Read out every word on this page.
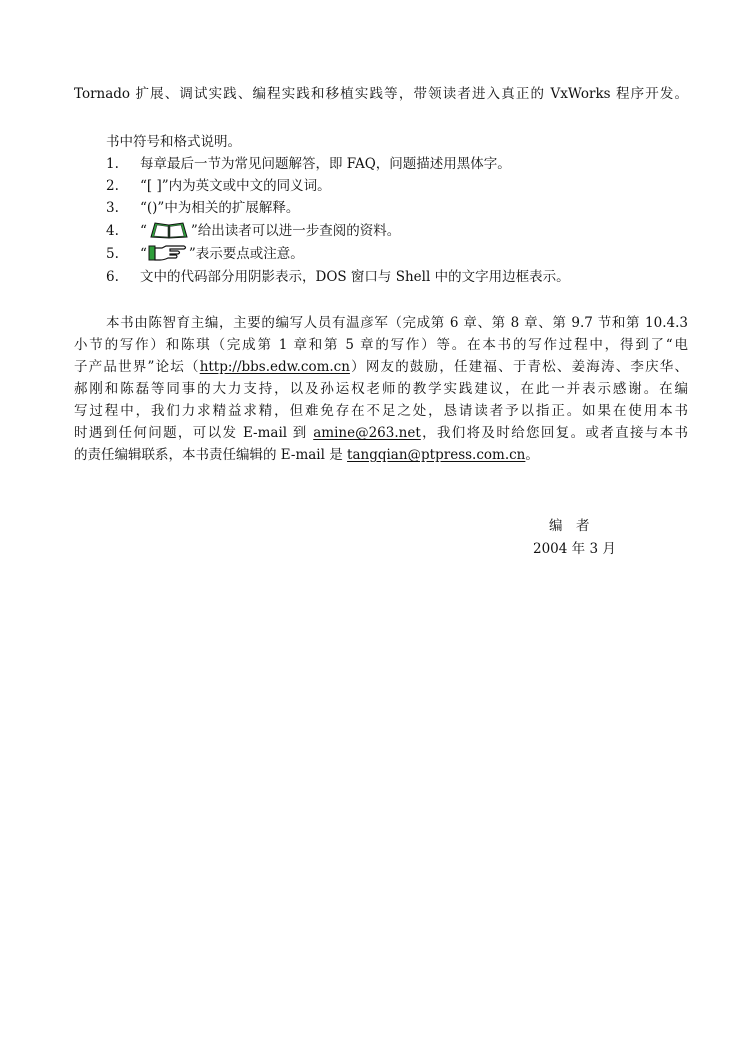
Tornado 扩展、调试实践、编程实践和移植实践等，带领读者进入真正的 VxWorks 程序开发。
书中符号和格式说明。
1. 每章最后一节为常见问题解答，即 FAQ，问题描述用黑体字。
2. “[ ]”内为英文或中文的同义词。
3. “()”中为相关的扩展解释。
4. “	”给出读者可以进一步查阅的资料。
5. “	”表示要点或注意。
6. 文中的代码部分用阴影表示，DOS 窗口与 Shell 中的文字用边框表示。
本书由陈智育主编，主要的编写人员有温彦军（完成第 6 章、第 8 章、第 9.7 节和第 10.4.3
小节的写作）和陈琪（完成第 1 章和第 5 章的写作）等。在本书的写作过程中，得到了“电
子产品世界”论坛（http://bbs.edw.com.cn）网友的鼓励，任建福、于青松、姜海涛、李庆华、
郝刚和陈磊等同事的大力支持，以及孙运权老师的教学实践建议，在此一并表示感谢。在编
写过程中，我们力求精益求精，但难免存在不足之处，恳请读者予以指正。如果在使用本书
时遇到任何问题，可以发 E-mail 到 amine@263.net，我们将及时给您回复。或者直接与本书
的责任编辑联系，本书责任编辑的 E-mail 是 tangqian@ptpress.com.cn。
编　者
2004 年 3 月
